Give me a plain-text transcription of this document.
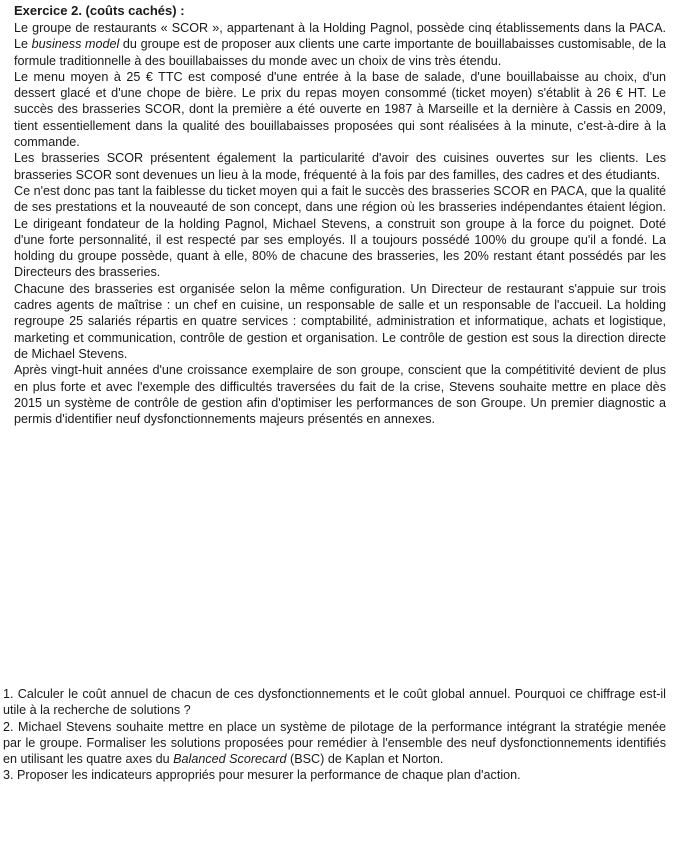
Exercice 2. (coûts cachés) :

Le groupe de restaurants « SCOR », appartenant à la Holding Pagnol, possède cinq établissements dans la PACA. Le business model du groupe est de proposer aux clients une carte importante de bouillabaisses customisable, de la formule traditionnelle à des bouillabaisses du monde avec un choix de vins très étendu.

Le menu moyen à 25 € TTC est composé d'une entrée à la base de salade, d'une bouillabaisse au choix, d'un dessert glacé et d'une chope de bière. Le prix du repas moyen consommé (ticket moyen) s'établit à 26 € HT. Le succès des brasseries SCOR, dont la première a été ouverte en 1987 à Marseille et la dernière à Cassis en 2009, tient essentiellement dans la qualité des bouillabaisses proposées qui sont réalisées à la minute, c'est-à-dire à la commande.

Les brasseries SCOR présentent également la particularité d'avoir des cuisines ouvertes sur les clients. Les brasseries SCOR sont devenues un lieu à la mode, fréquenté à la fois par des familles, des cadres et des étudiants.

Ce n'est donc pas tant la faiblesse du ticket moyen qui a fait le succès des brasseries SCOR en PACA, que la qualité de ses prestations et la nouveauté de son concept, dans une région où les brasseries indépendantes étaient légion. Le dirigeant fondateur de la holding Pagnol, Michael Stevens, a construit son groupe à la force du poignet. Doté d'une forte personnalité, il est respecté par ses employés. Il a toujours possédé 100% du groupe qu'il a fondé. La holding du groupe possède, quant à elle, 80% de chacune des brasseries, les 20% restant étant possédés par les Directeurs des brasseries.

Chacune des brasseries est organisée selon la même configuration. Un Directeur de restaurant s'appuie sur trois cadres agents de maîtrise : un chef en cuisine, un responsable de salle et un responsable de l'accueil. La holding regroupe 25 salariés répartis en quatre services : comptabilité, administration et informatique, achats et logistique, marketing et communication, contrôle de gestion et organisation. Le contrôle de gestion est sous la direction directe de Michael Stevens.

Après vingt-huit années d'une croissance exemplaire de son groupe, conscient que la compétitivité devient de plus en plus forte et avec l'exemple des difficultés traversées du fait de la crise, Stevens souhaite mettre en place dès 2015 un système de contrôle de gestion afin d'optimiser les performances de son Groupe. Un premier diagnostic a permis d'identifier neuf dysfonctionnements majeurs présentés en annexes.

1. Calculer le coût annuel de chacun de ces dysfonctionnements et le coût global annuel. Pourquoi ce chiffrage est-il utile à la recherche de solutions ?

2. Michael Stevens souhaite mettre en place un système de pilotage de la performance intégrant la stratégie menée par le groupe. Formaliser les solutions proposées pour remédier à l'ensemble des neuf dysfonctionnements identifiés en utilisant les quatre axes du Balanced Scorecard (BSC) de Kaplan et Norton.

3. Proposer les indicateurs appropriés pour mesurer la performance de chaque plan d'action.
